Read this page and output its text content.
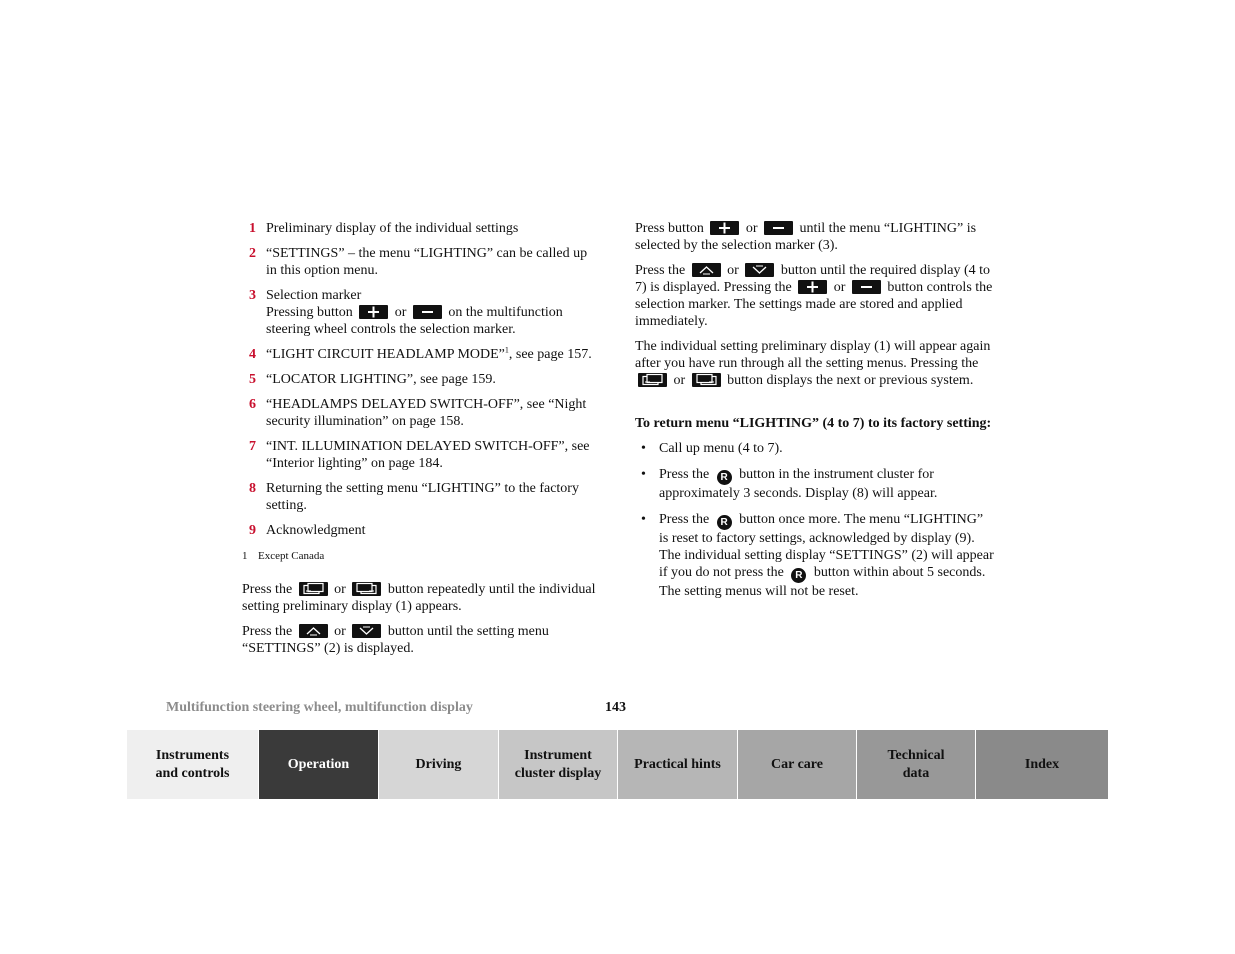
1 Preliminary display of the individual settings
2 “SETTINGS” – the menu “LIGHTING” can be called up in this option menu.
3 Selection marker
Pressing button	or	on the multifunction steering wheel controls the selection marker.
4 “LIGHT CIRCUIT HEADLAMP MODE”$^1$, see page 157.
5 “LOCATOR LIGHTING”, see page 159.
6 “HEADLAMPS DELAYED SWITCH-OFF”, see “Night security illumination” on page 158.
7 “INT. ILLUMINATION DELAYED SWITCH-OFF”, see “Interior lighting” on page 184.
8 Returning the setting menu “LIGHTING” to the factory setting.
9 Acknowledgment
1 Except Canada

Press the	or	button repeatedly until the individual setting preliminary display (1) appears.

Press the	or	button until the setting menu “SETTINGS” (2) is displayed.

Press button	or	until the menu “LIGHTING” is selected by the selection marker (3).

Press the	or	button until the required display (4 to 7) is displayed. Pressing the	or	button controls the selection marker. The settings made are stored and applied immediately.

The individual setting preliminary display (1) will appear again after you have run through all the setting menus. Pressing the
or	button displays the next or previous system.

To return menu “LIGHTING” (4 to 7) to its factory setting:

• Call up menu (4 to 7).
• Press the R button in the instrument cluster for approximately 3 seconds. Display (8) will appear.
• Press the R button once more. The menu “LIGHTING” is reset to factory settings, acknowledged by display (9).
The individual setting display “SETTINGS” (2) will appear if you do not press the R button within about 5 seconds. The setting menus will not be reset.
Multifunction steering wheel, multifunction display	143
Instruments
and controls
Operation	Driving
Instrument
cluster display
Practical hints	Car care
Technical
data
Index
